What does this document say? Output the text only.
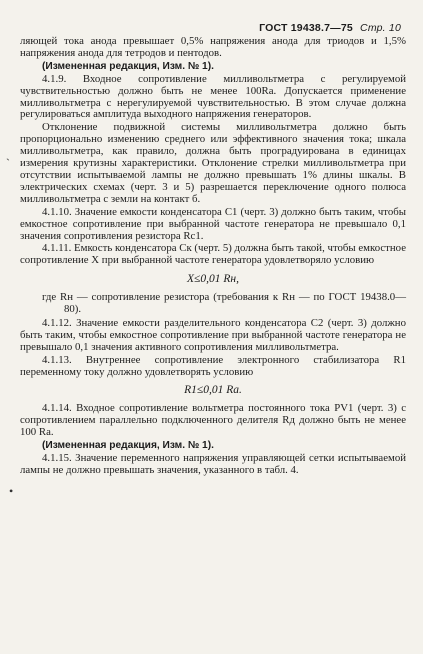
ГОСТ 19438.7—75 Стр. 10
ˏ
•

ляющей тока анода превышает 0,5% напряжения анода для триодов и 1,5% напряжения анода для тетродов и пентодов.

(Измененная редакция, Изм. № 1).

4.1.9. Входное сопротивление милливольтметра с регулируемой чувствительностью должно быть не менее 100Ra. Допускается применение милливольтметра с нерегулируемой чувствительностью. В этом случае должна регулироваться амплитуда выходного напряжения генераторов.

Отклонение подвижной системы милливольтметра должно быть пропорционально изменению среднего или эффективного значения тока; шкала милливольтметра, как правило, должна быть проградуирована в единицах измерения крутизны характеристики. Отклонение стрелки милливольтметра при отсутствии испытываемой лампы не должно превышать 1% длины шкалы. В электрических схемах (черт. 3 и 5) разрешается переключение одного полюса милливольтметра с земли на контакт б.

4.1.10. Значение емкости конденсатора C1 (черт. 3) должно быть таким, чтобы емкостное сопротивление при выбранной частоте генератора не превышало 0,1 значения сопротивления резистора Rc1.

4.1.11. Емкость конденсатора Cк (черт. 5) должна быть такой, чтобы емкостное сопротивление X при выбранной частоте генератора удовлетворяло условию

X≤0,01 Rн,

где Rн — сопротивление резистора (требования к Rн — по ГОСТ 19438.0—80).

4.1.12. Значение емкости разделительного конденсатора C2 (черт. 3) должно быть таким, чтобы емкостное сопротивление при выбранной частоте генератора не превышало 0,1 значения активного сопротивления милливольтметра.

4.1.13. Внутреннее сопротивление электронного стабилизатора R1 переменному току должно удовлетворять условию

R1≤0,01 Ra.

4.1.14. Входное сопротивление вольтметра постоянного тока PV1 (черт. 3) с сопротивлением параллельно подключенного делителя Rд должно быть не менее 100 Ra.

(Измененная редакция, Изм. № 1).

4.1.15. Значение переменного напряжения управляющей сетки испытываемой лампы не должно превышать значения, указанного в табл. 4.
